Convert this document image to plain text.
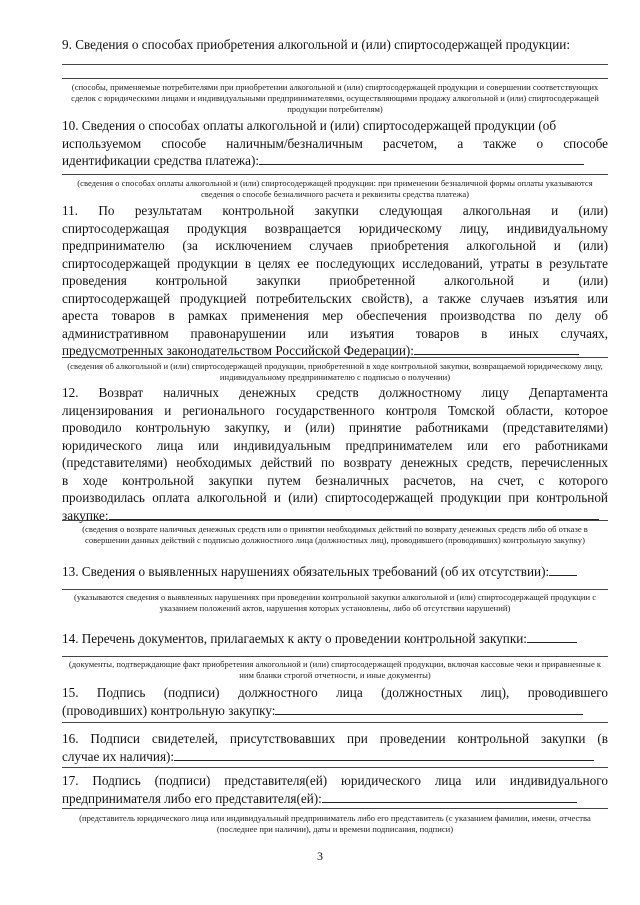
9. Сведения о способах приобретения алкогольной и (или) спиртосодержащей продукции:
(способы, применяемые потребителями при приобретении алкогольной и (или) спиртосодержащей продукции и совершении соответствующих сделок с юридическими лицами и индивидуальными предпринимателями, осуществляющими продажу алкогольной и (или) спиртосодержащей продукции потребителям)
10. Сведения о способах оплаты алкогольной и (или) спиртосодержащей продукции (об
используемом способе наличным/безналичным расчетом, а также о способе
идентификации средства платежа):
(сведения о способах оплаты алкогольной и (или) спиртосодержащей продукции: при применении безналичной формы оплаты указываются сведения о способе безналичного расчета и реквизиты средства платежа)
11. По результатам контрольной закупки следующая алкогольная и (или)
спиртосодержащая продукция возвращается юридическому лицу, индивидуальному
предпринимателю (за исключением случаев приобретения алкогольной и (или)
спиртосодержащей продукции в целях ее последующих исследований, утраты в результате
проведения контрольной закупки приобретенной алкогольной и (или)
спиртосодержащей продукцией потребительских свойств), а также случаев изъятия или
ареста товаров в рамках применения мер обеспечения производства по делу об
административном правонарушении или изъятия товаров в иных случаях,
предусмотренных законодательством Российской Федерации):
(сведения об алкогольной и (или) спиртосодержащей продукции, приобретенной в ходе контрольной закупки, возвращаемой юридическому лицу, индивидуальному предпринимателю с подписью о получении)
12. Возврат наличных денежных средств должностному лицу Департамента
лицензирования и регионального государственного контроля Томской области, которое
проводило контрольную закупку, и (или) принятие работниками (представителями)
юридического лица или индивидуальным предпринимателем или его работниками
(представителями) необходимых действий по возврату денежных средств, перечисленных
в ходе контрольной закупки путем безналичных расчетов, на счет, с которого
производилась оплата алкогольной и (или) спиртосодержащей продукции при контрольной
закупке:
(сведения о возврате наличных денежных средств или о принятии необходимых действий по возврату денежных средств либо об отказе в совершении данных действий с подписью должностного лица (должностных лиц), проводившего (проводивших) контрольную закупку)
13. Сведения о выявленных нарушениях обязательных требований (об их отсутствии):
(указываются сведения о выявленных нарушениях при проведении контрольной закупки алкогольной и (или) спиртосодержащей продукции с указанием положений актов, нарушения которых установлены, либо об отсутствии нарушений)
14. Перечень документов, прилагаемых к акту о проведении контрольной закупки:
(документы, подтверждающие факт приобретения алкогольной и (или) спиртосодержащей продукции, включая кассовые чеки и приравненные к ним бланки строгой отчетности, и иные документы)
15. Подпись (подписи) должностного лица (должностных лиц), проводившего
(проводивших) контрольную закупку:
16. Подписи свидетелей, присутствовавших при проведении контрольной закупки (в
случае их наличия):
17. Подпись (подписи) представителя(ей) юридического лица или индивидуального
предпринимателя либо его представителя(ей):
(представитель юридического лица или индивидуальный предприниматель либо его представитель (с указанием фамилии, имени, отчества (последнее при наличии), даты и времени подписания, подписи)
3
